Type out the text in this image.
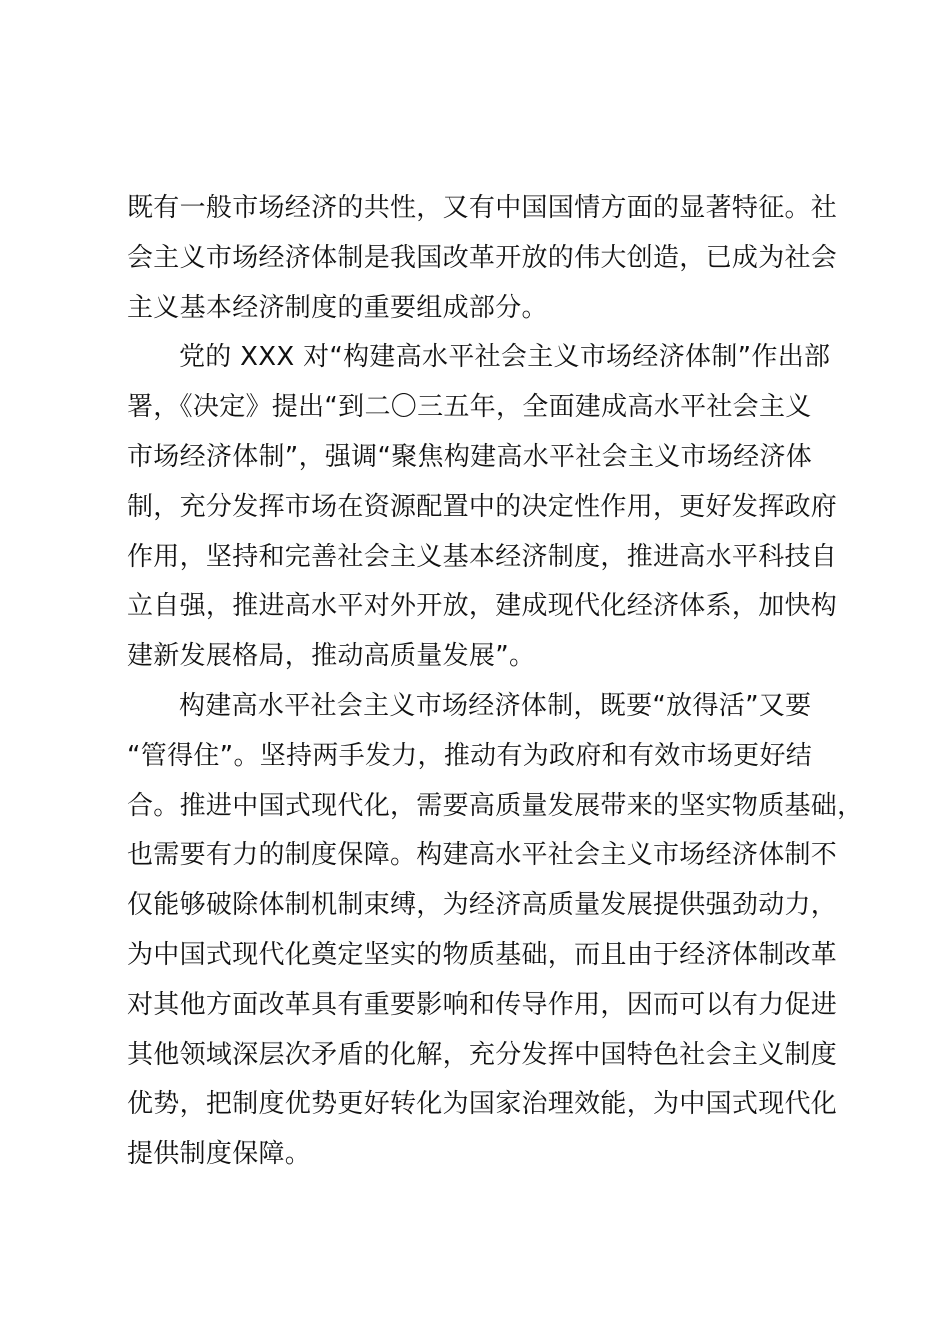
既有一般市场经济的共性，又有中国国情方面的显著特征。社
会主义市场经济体制是我国改革开放的伟大创造，已成为社会
主义基本经济制度的重要组成部分。
党的 XXX 对“构建高水平社会主义市场经济体制”作出部
署，《决定》提出“到二〇三五年，全面建成高水平社会主义
市场经济体制”，强调“聚焦构建高水平社会主义市场经济体
制，充分发挥市场在资源配置中的决定性作用，更好发挥政府
作用，坚持和完善社会主义基本经济制度，推进高水平科技自
立自强，推进高水平对外开放，建成现代化经济体系，加快构
建新发展格局，推动高质量发展”。
构建高水平社会主义市场经济体制，既要“放得活”又要
“管得住”。坚持两手发力，推动有为政府和有效市场更好结
合。推进中国式现代化，需要高质量发展带来的坚实物质基础，
也需要有力的制度保障。构建高水平社会主义市场经济体制不
仅能够破除体制机制束缚，为经济高质量发展提供强劲动力，
为中国式现代化奠定坚实的物质基础，而且由于经济体制改革
对其他方面改革具有重要影响和传导作用，因而可以有力促进
其他领域深层次矛盾的化解，充分发挥中国特色社会主义制度
优势，把制度优势更好转化为国家治理效能，为中国式现代化
提供制度保障。
